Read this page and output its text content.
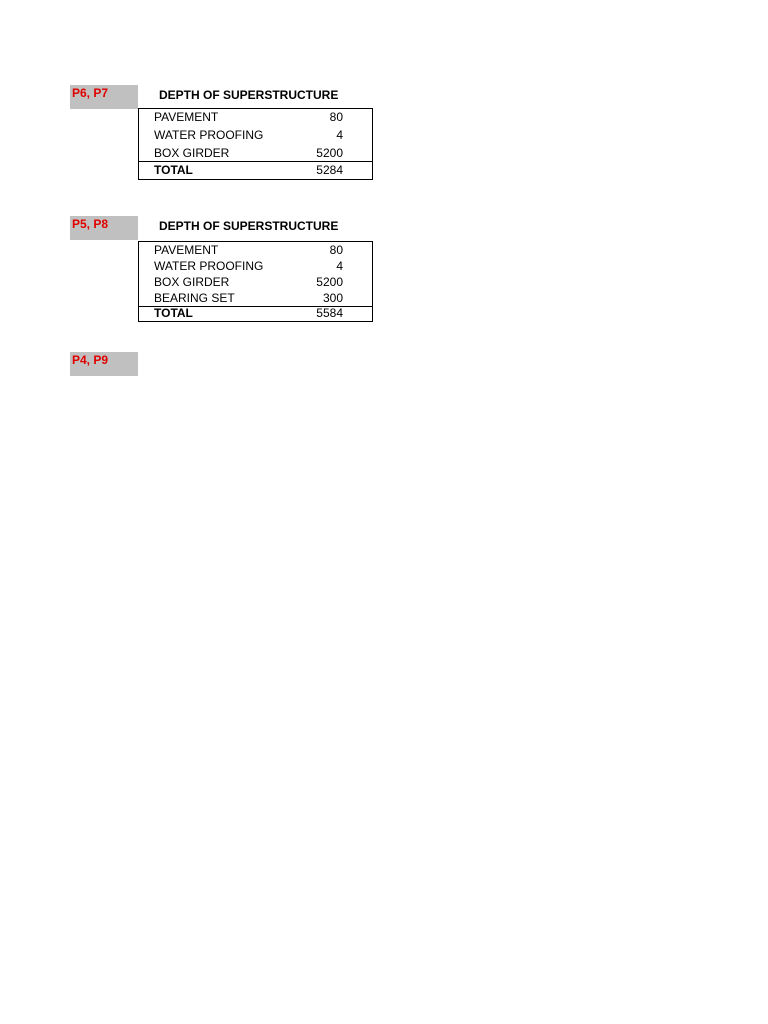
P6, P7	DEPTH OF SUPERSTRUCTURE
PAVEMENT	80
WATER PROOFING	4
BOX GIRDER	5200
TOTAL	5284
P5, P8	DEPTH OF SUPERSTRUCTURE
PAVEMENT	80
WATER PROOFING	4
BOX GIRDER	5200
BEARING SET	300
TOTAL	5584
P4, P9
